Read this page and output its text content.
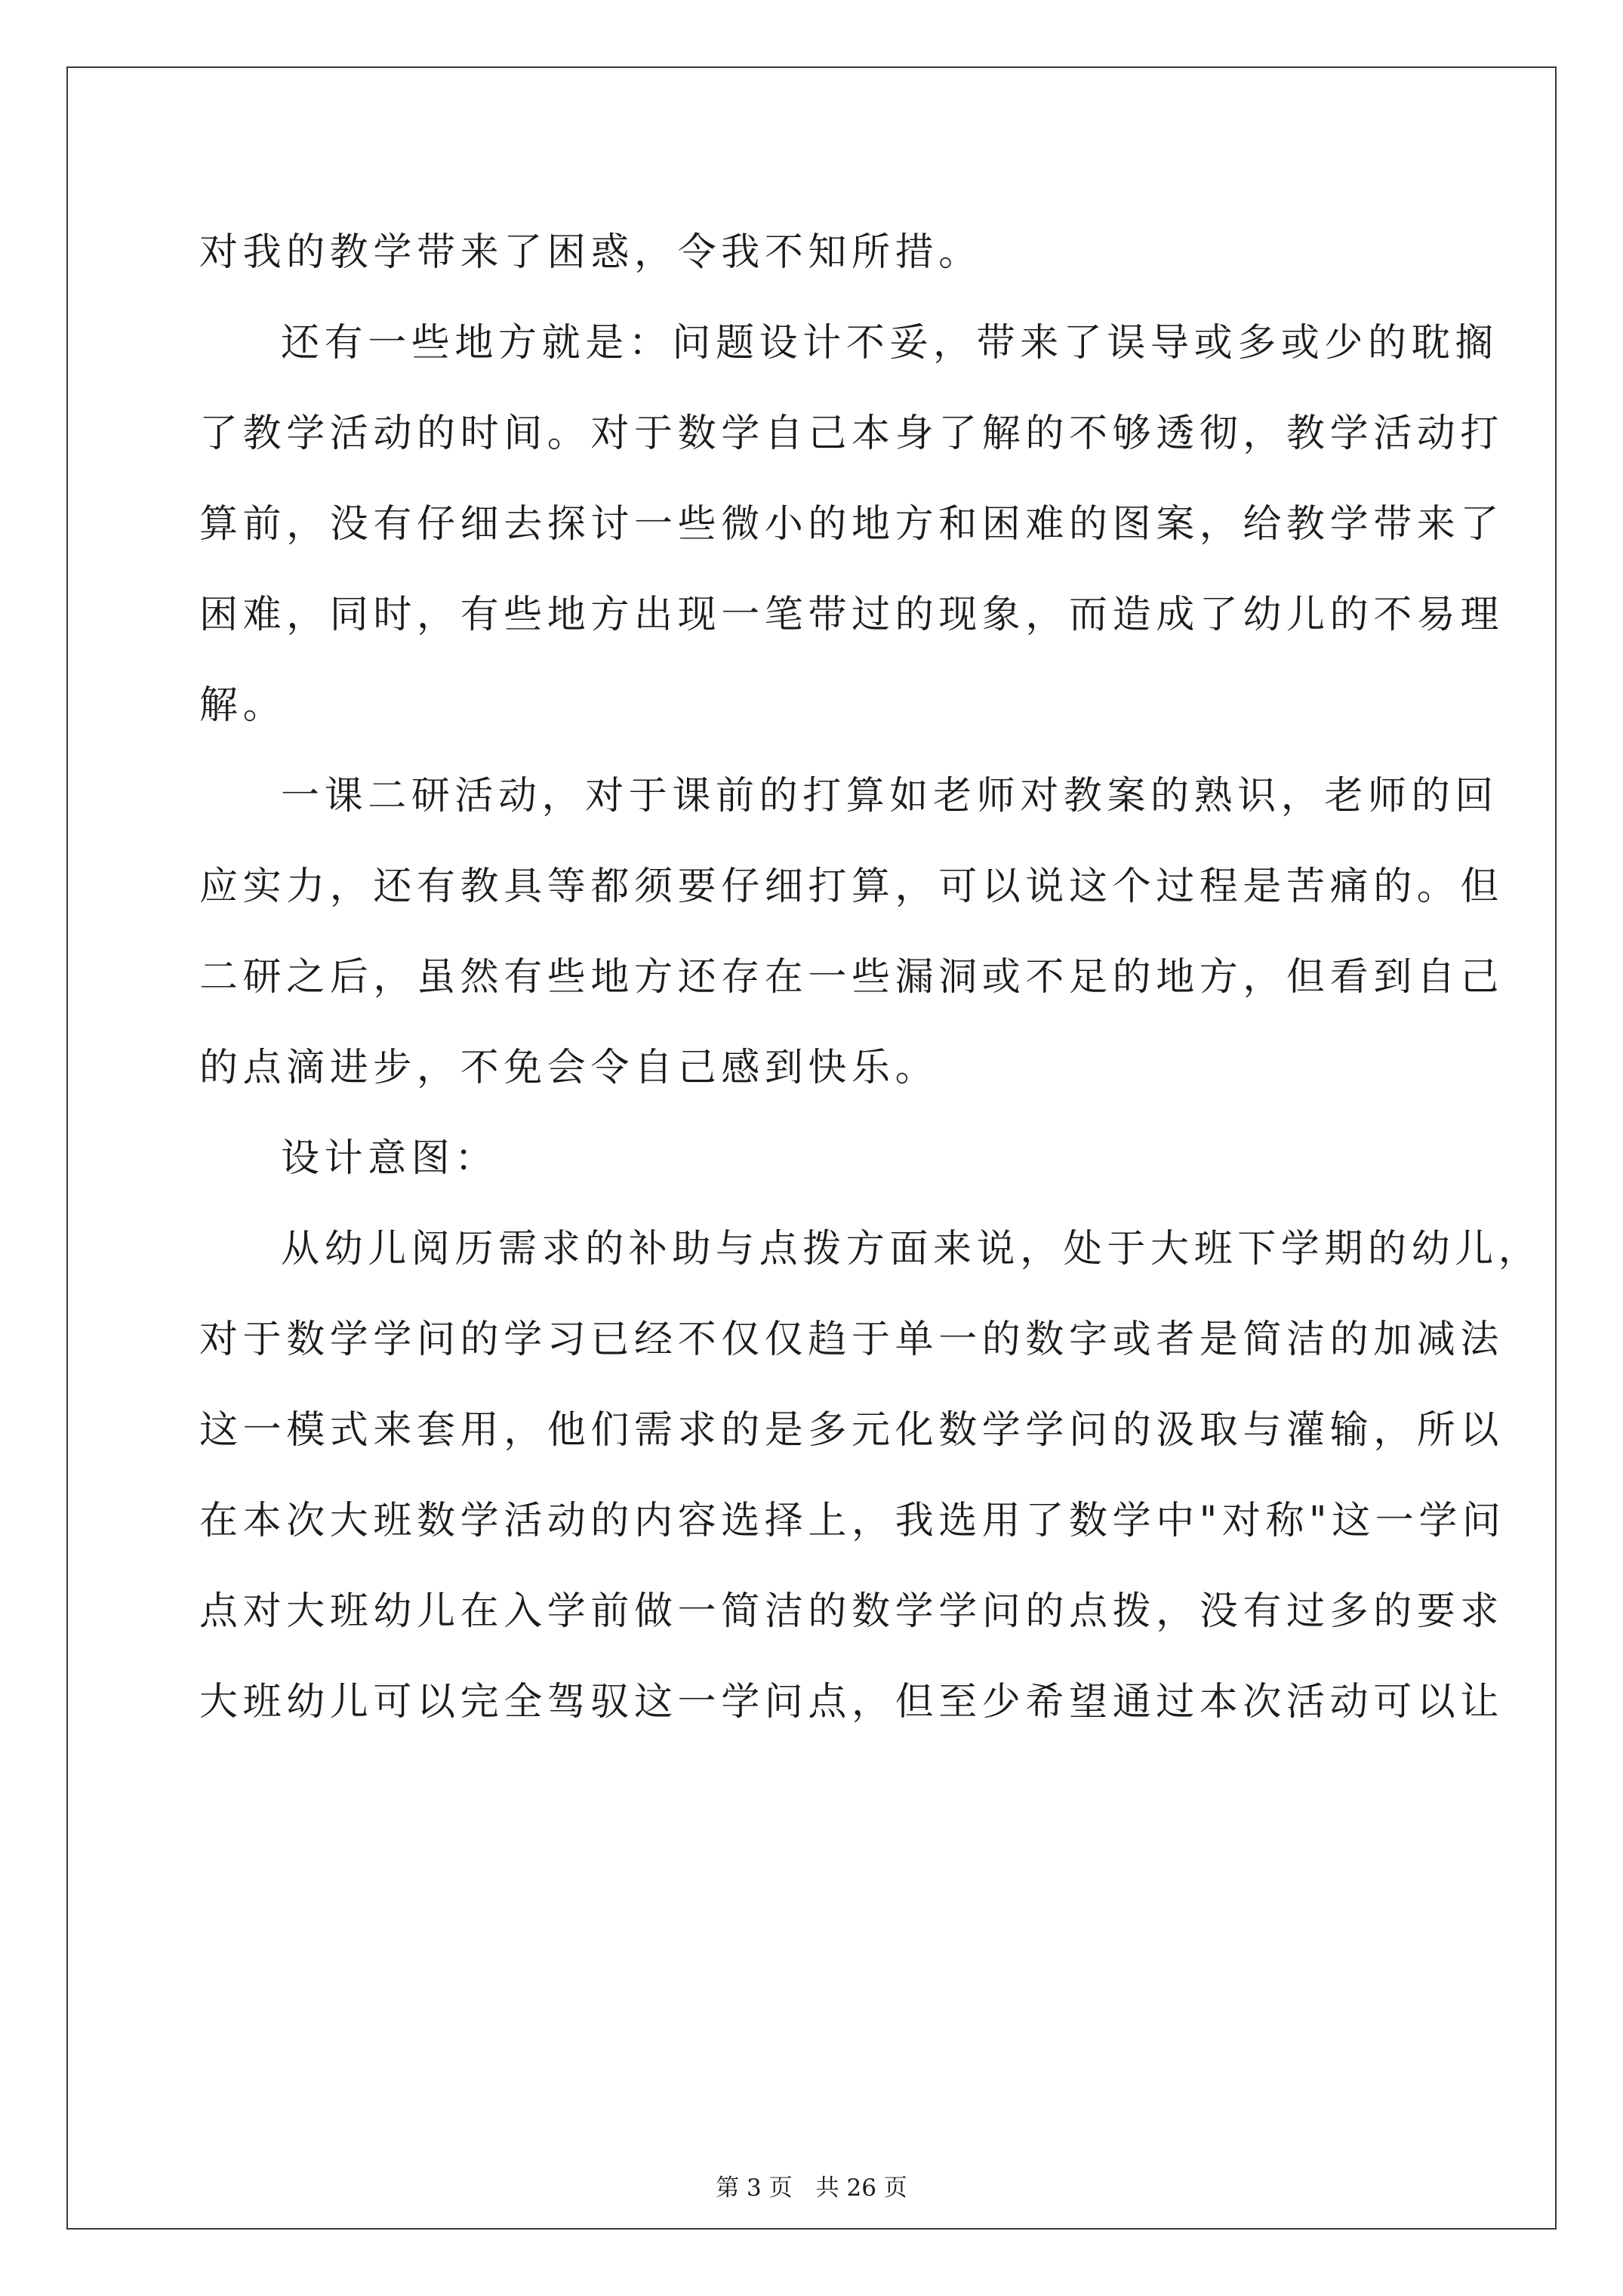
对我的教学带来了困惑，令我不知所措。
还有一些地方就是：问题设计不妥，带来了误导或多或少的耽搁
了教学活动的时间。对于数学自己本身了解的不够透彻，教学活动打
算前，没有仔细去探讨一些微小的地方和困难的图案，给教学带来了
困难，同时，有些地方出现一笔带过的现象，而造成了幼儿的不易理
解。
一课二研活动，对于课前的打算如老师对教案的熟识，老师的回
应实力，还有教具等都须要仔细打算，可以说这个过程是苦痛的。但
二研之后，虽然有些地方还存在一些漏洞或不足的地方，但看到自己
的点滴进步，不免会令自己感到快乐。
设计意图：
从幼儿阅历需求的补助与点拨方面来说，处于大班下学期的幼儿，
对于数学学问的学习已经不仅仅趋于单一的数字或者是简洁的加减法
这一模式来套用，他们需求的是多元化数学学问的汲取与灌输，所以
在本次大班数学活动的内容选择上，我选用了数学中"对称"这一学问
点对大班幼儿在入学前做一简洁的数学学问的点拨，没有过多的要求
大班幼儿可以完全驾驭这一学问点，但至少希望通过本次活动可以让
第 3 页　共 26 页
